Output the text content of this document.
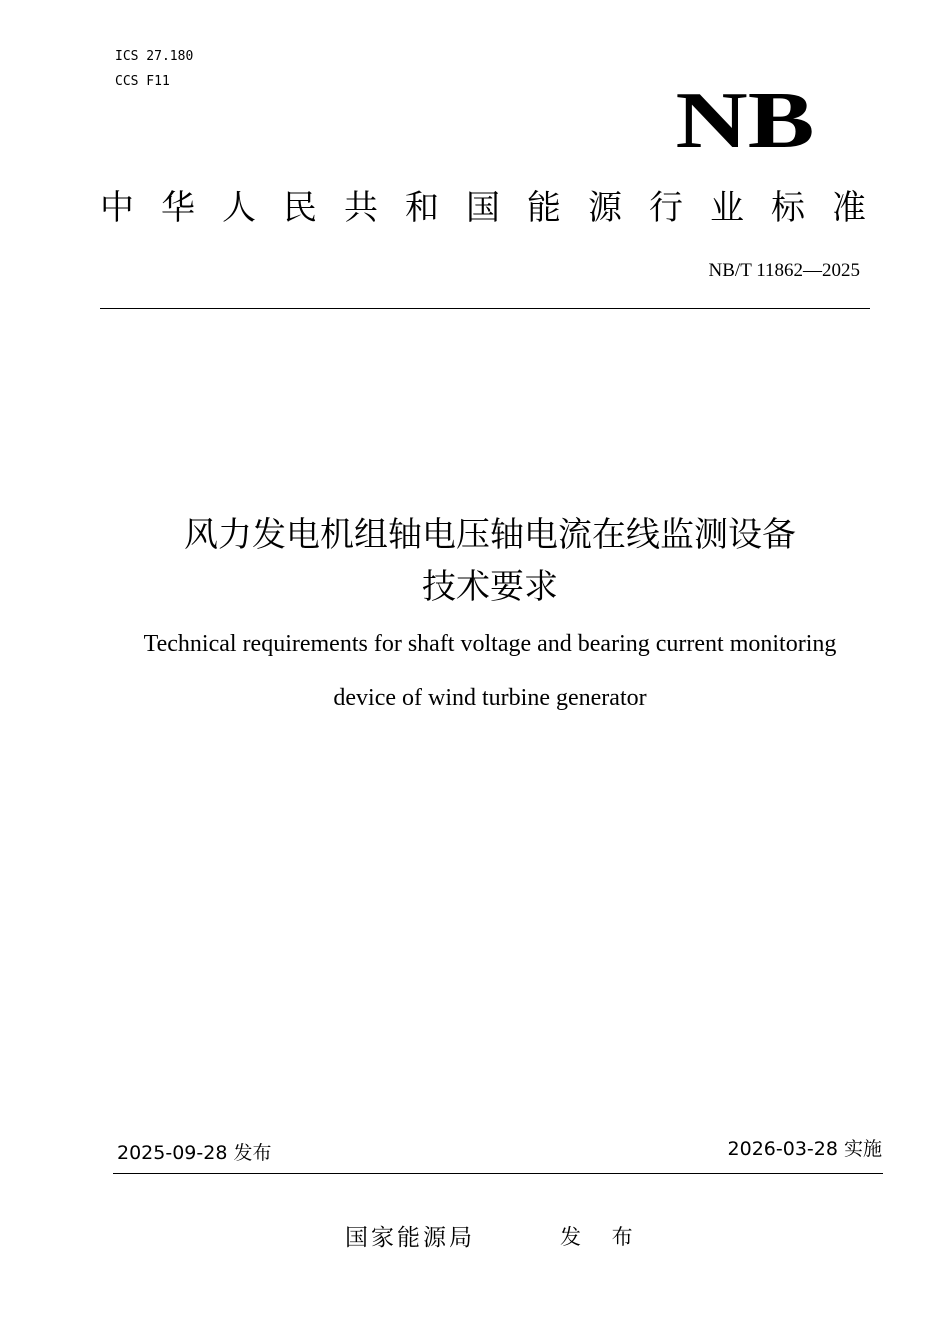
ICS 27.180
CCS F11	NB
中华人民共和国能源行业标准
NB/T 11862—2025
风力发电机组轴电压轴电流在线监测设备
技术要求
Technical requirements for shaft voltage and bearing current monitoring
device of wind turbine generator
2025-09-28 发布	2026-03-28 实施
国家能源局	发 布
